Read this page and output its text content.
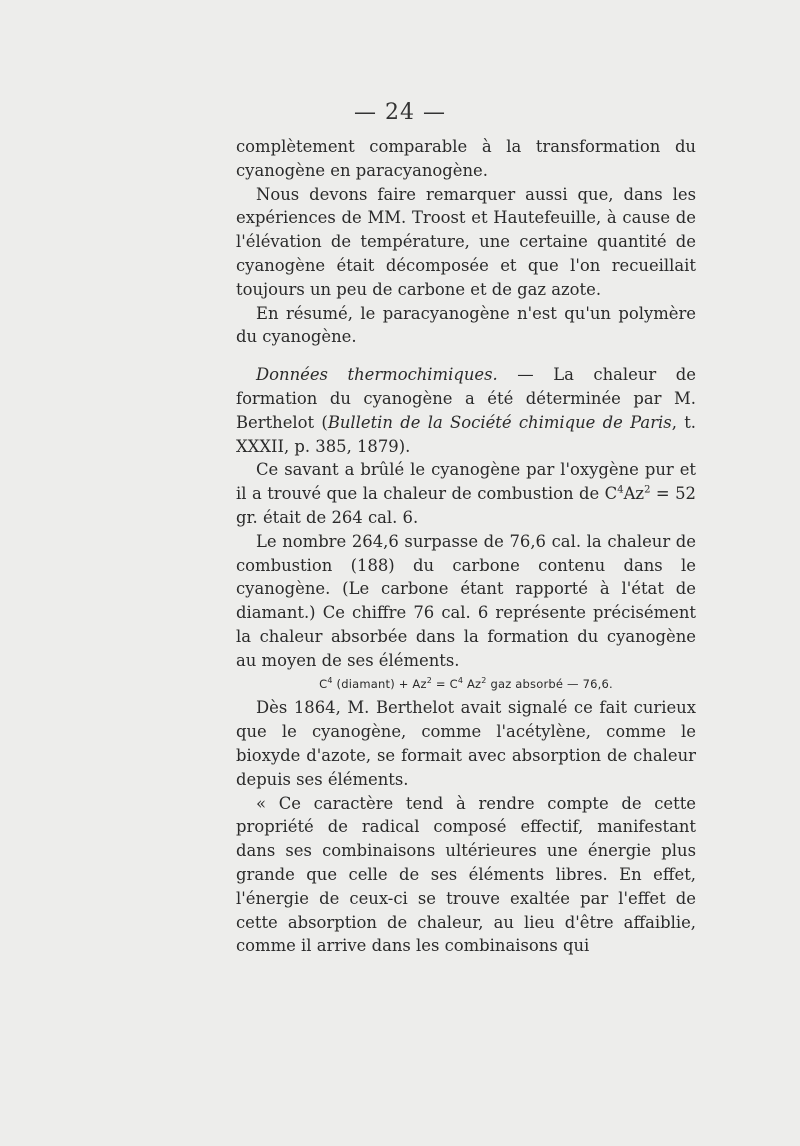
— 24 —

complètement comparable à la transformation du cyanogène en paracyanogène.

Nous devons faire remarquer aussi que, dans les expériences de MM. Troost et Hautefeuille, à cause de l'élévation de température, une certaine quantité de cyanogène était décomposée et que l'on recueillait toujours un peu de carbone et de gaz azote.

En résumé, le paracyanogène n'est qu'un polymère du cyanogène.

Données thermochimiques. — La chaleur de formation du cyanogène a été déterminée par M. Berthelot (Bulletin de la Société chimique de Paris, t. XXXII, p. 385, 1879).

Ce savant a brûlé le cyanogène par l'oxygène pur et il a trouvé que la chaleur de combustion de $C^4Az^2 = 52$ gr. était de 264 cal. 6.

Le nombre 264,6 surpasse de 76,6 cal. la chaleur de combustion (188) du carbone contenu dans le cyanogène. (Le carbone étant rapporté à l'état de diamant.) Ce chiffre 76 cal. 6 représente précisément la chaleur absorbée dans la formation du cyanogène au moyen de ses éléments.

$C^4$ (diamant) + $Az^2 = C^4$ Az$^2$ gaz absorbé — 76,6.

Dès 1864, M. Berthelot avait signalé ce fait curieux que le cyanogène, comme l'acétylène, comme le bioxyde d'azote, se formait avec absorption de chaleur depuis ses éléments.

« Ce caractère tend à rendre compte de cette propriété de radical composé effectif, manifestant dans ses combinaisons ultérieures une énergie plus grande que celle de ses éléments libres. En effet, l'énergie de ceux-ci se trouve exaltée par l'effet de cette absorption de chaleur, au lieu d'être affaiblie, comme il arrive dans les combinaisons qui
